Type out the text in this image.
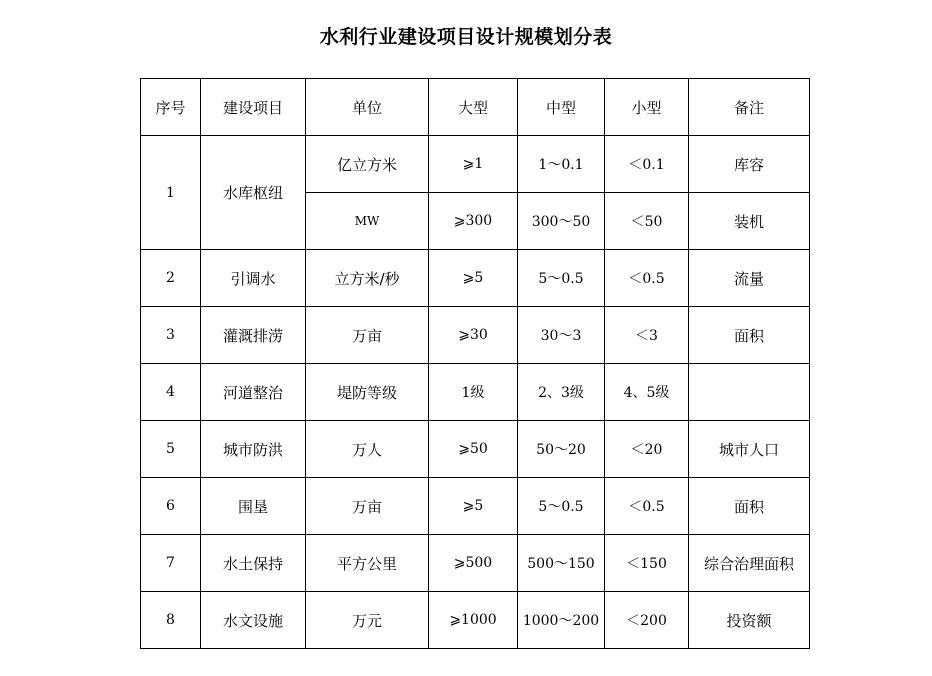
水利行业建设项目设计规模划分表
序号	建设项目	单位	大型	中型	小型	备注
1	水库枢纽	亿立方米	⩾1	1～0.1	＜0.1	库容
		MW	⩾300	300～50	＜50	装机
2	引调水	立方米/秒	⩾5	5～0.5	＜0.5	流量
3	灌溉排涝	万亩	⩾30	30～3	＜3	面积
4	河道整治	堤防等级	1级	2、3级	4、5级	
5	城市防洪	万人	⩾50	50～20	＜20	城市人口
6	围垦	万亩	⩾5	5～0.5	＜0.5	面积
7	水土保持	平方公里	⩾500	500～150	＜150	综合治理面积
8	水文设施	万元	⩾1000	1000～200	＜200	投资额
